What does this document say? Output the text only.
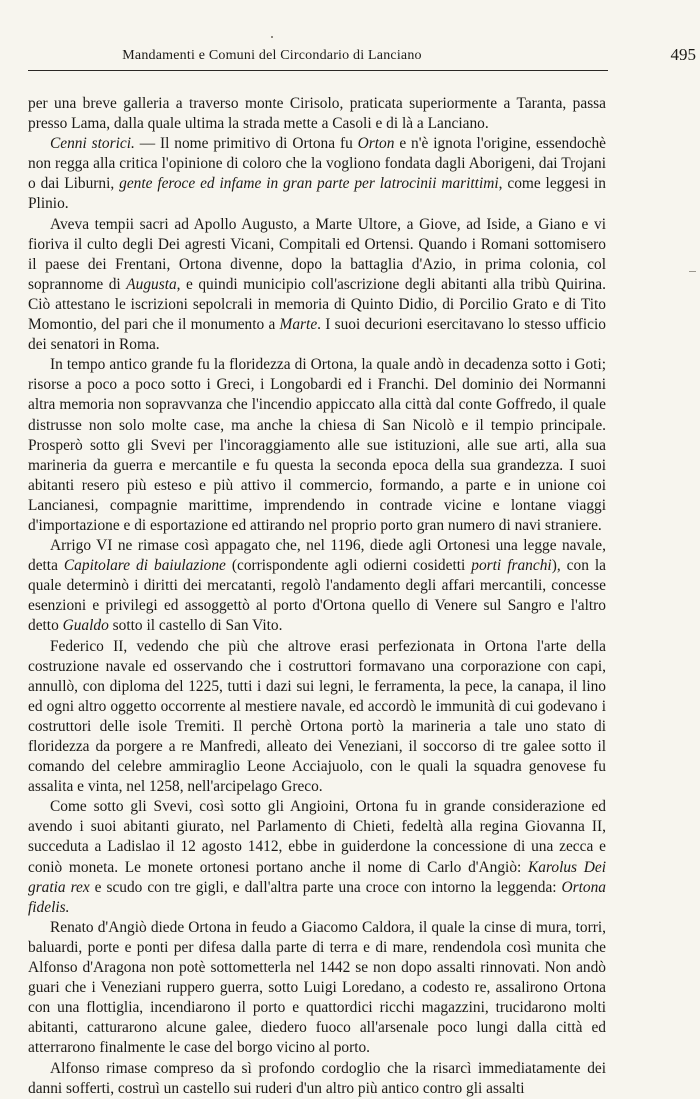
Mandamenti e Comuni del Circondario di Lanciano	495

per una breve galleria a traverso monte Cirisolo, praticata superiormente a Taranta, passa presso Lama, dalla quale ultima la strada mette a Casoli e di là a Lanciano.

Cenni storici. — Il nome primitivo di Ortona fu Orton e n'è ignota l'origine, essendochè non regga alla critica l'opinione di coloro che la vogliono fondata dagli Aborigeni, dai Trojani o dai Liburni, gente feroce ed infame in gran parte per latrocinii marittimi, come leggesi in Plinio.

Aveva tempii sacri ad Apollo Augusto, a Marte Ultore, a Giove, ad Iside, a Giano e vi fioriva il culto degli Dei agresti Vicani, Compitali ed Ortensi. Quando i Romani sottomisero il paese dei Frentani, Ortona divenne, dopo la battaglia d'Azio, in prima colonia, col soprannome di Augusta, e quindi municipio coll'ascrizione degli abitanti alla tribù Quirina. Ciò attestano le iscrizioni sepolcrali in memoria di Quinto Didio, di Porcilio Grato e di Tito Momontio, del pari che il monumento a Marte. I suoi decurioni esercitavano lo stesso ufficio dei senatori in Roma.

In tempo antico grande fu la floridezza di Ortona, la quale andò in decadenza sotto i Goti; risorse a poco a poco sotto i Greci, i Longobardi ed i Franchi. Del dominio dei Normanni altra memoria non sopravvanza che l'incendio appiccato alla città dal conte Goffredo, il quale distrusse non solo molte case, ma anche la chiesa di San Nicolò e il tempio principale. Prosperò sotto gli Svevi per l'incoraggiamento alle sue istituzioni, alle sue arti, alla sua marineria da guerra e mercantile e fu questa la seconda epoca della sua grandezza. I suoi abitanti resero più esteso e più attivo il commercio, formando, a parte e in unione coi Lancianesi, compagnie marittime, imprendendo in contrade vicine e lontane viaggi d'importazione e di esportazione ed attirando nel proprio porto gran numero di navi straniere.

Arrigo VI ne rimase così appagato che, nel 1196, diede agli Ortonesi una legge navale, detta Capitolare di baiulazione (corrispondente agli odierni cosidetti porti franchi), con la quale determinò i diritti dei mercatanti, regolò l'andamento degli affari mercantili, concesse esenzioni e privilegi ed assoggettò al porto d'Ortona quello di Venere sul Sangro e l'altro detto Gualdo sotto il castello di San Vito.

Federico II, vedendo che più che altrove erasi perfezionata in Ortona l'arte della costruzione navale ed osservando che i costruttori formavano una corporazione con capi, annullò, con diploma del 1225, tutti i dazi sui legni, le ferramenta, la pece, la canapa, il lino ed ogni altro oggetto occorrente al mestiere navale, ed accordò le immunità di cui godevano i costruttori delle isole Tremiti. Il perchè Ortona portò la marineria a tale uno stato di floridezza da porgere a re Manfredi, alleato dei Veneziani, il soccorso di tre galee sotto il comando del celebre ammiraglio Leone Acciajuolo, con le quali la squadra genovese fu assalita e vinta, nel 1258, nell'arcipelago Greco.

Come sotto gli Svevi, così sotto gli Angioini, Ortona fu in grande considerazione ed avendo i suoi abitanti giurato, nel Parlamento di Chieti, fedeltà alla regina Giovanna II, succeduta a Ladislao il 12 agosto 1412, ebbe in guiderdone la concessione di una zecca e coniò moneta. Le monete ortonesi portano anche il nome di Carlo d'Angiò: Karolus Dei gratia rex e scudo con tre gigli, e dall'altra parte una croce con intorno la leggenda: Ortona fidelis.

Renato d'Angiò diede Ortona in feudo a Giacomo Caldora, il quale la cinse di mura, torri, baluardi, porte e ponti per difesa dalla parte di terra e di mare, rendendola così munita che Alfonso d'Aragona non potè sottometterla nel 1442 se non dopo assalti rinnovati. Non andò guari che i Veneziani ruppero guerra, sotto Luigi Loredano, a codesto re, assalirono Ortona con una flottiglia, incendiarono il porto e quattordici ricchi magazzini, trucidarono molti abitanti, catturarono alcune galee, diedero fuoco all'arsenale poco lungi dalla città ed atterrarono finalmente le case del borgo vicino al porto.

Alfonso rimase compreso da sì profondo cordoglio che la risarcì immediatamente dei danni sofferti, costruì un castello sui ruderi d'un altro più antico contro gli assalti
